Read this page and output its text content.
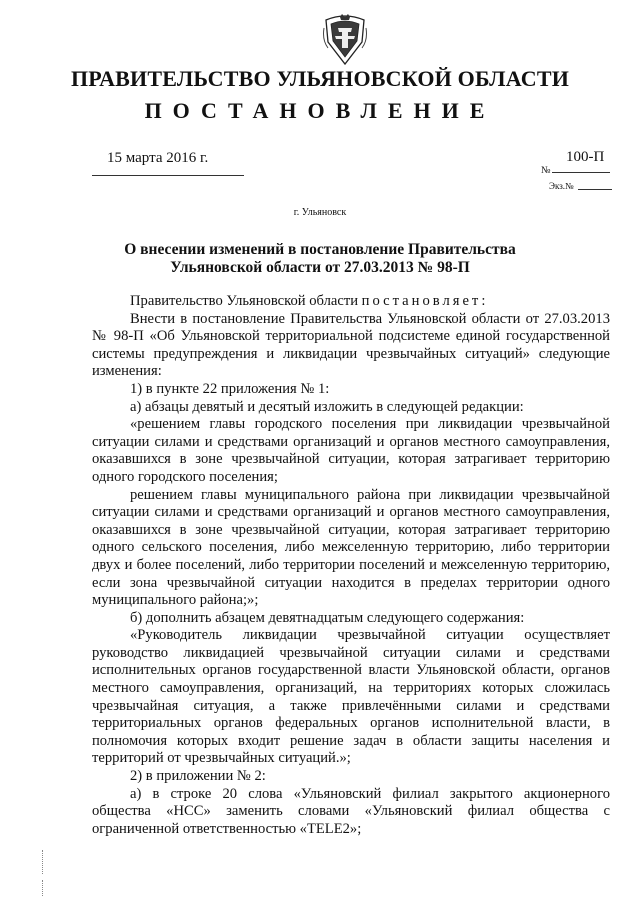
ПРАВИТЕЛЬСТВО УЛЬЯНОВСКОЙ ОБЛАСТИ
ПОСТАНОВЛЕНИЕ
15 марта 2016 г.	100-П
№
Экз.№
г. Ульяновск
О внесении изменений в постановление Правительства
Ульяновской области от 27.03.2013 № 98-П

Правительство Ульяновской области постановляет:

Внести в постановление Правительства Ульяновской области от 27.03.2013 № 98-П «Об Ульяновской территориальной подсистеме единой государственной системы предупреждения и ликвидации чрезвычайных ситуаций» следующие изменения:

1) в пункте 22 приложения № 1:

а) абзацы девятый и десятый изложить в следующей редакции:

«решением главы городского поселения при ликвидации чрезвычайной ситуации силами и средствами организаций и органов местного самоуправления, оказавшихся в зоне чрезвычайной ситуации, которая затрагивает территорию одного городского поселения;

решением главы муниципального района при ликвидации чрезвычайной ситуации силами и средствами организаций и органов местного самоуправления, оказавшихся в зоне чрезвычайной ситуации, которая затрагивает территорию одного сельского поселения, либо межселенную территорию, либо территории двух и более поселений, либо территории поселений и межселенную территорию, если зона чрезвычайной ситуации находится в пределах территории одного муниципального района;»;

б) дополнить абзацем девятнадцатым следующего содержания:

«Руководитель ликвидации чрезвычайной ситуации осуществляет руководство ликвидацией чрезвычайной ситуации силами и средствами исполнительных органов государственной власти Ульяновской области, органов местного самоуправления, организаций, на территориях которых сложилась чрезвычайная ситуация, а также привлечёнными силами и средствами территориальных органов федеральных органов исполнительной власти, в полномочия которых входит решение задач в области защиты населения и территорий от чрезвычайных ситуаций.»;

2) в приложении № 2:

а) в строке 20 слова «Ульяновский филиал закрытого акционерного общества «НСС» заменить словами «Ульяновский филиал общества с ограниченной ответственностью «TELE2»;
